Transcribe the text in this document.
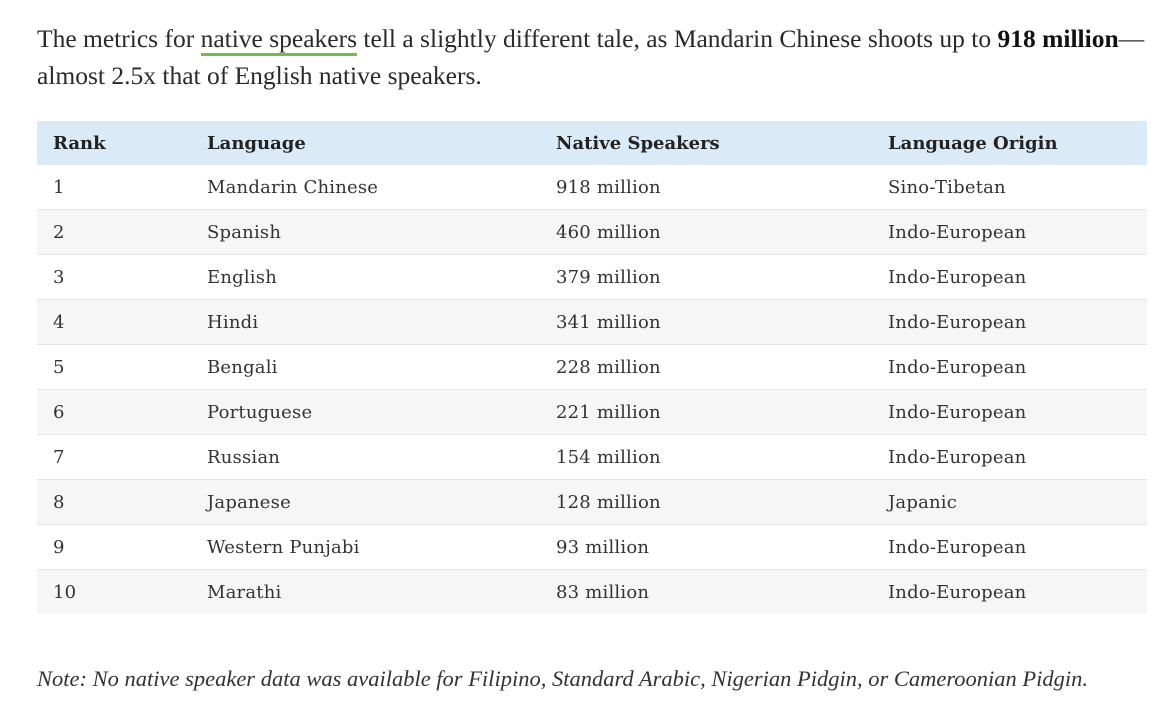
The metrics for native speakers tell a slightly different tale, as Mandarin Chinese shoots up to 918 million—almost 2.5x that of English native speakers.

Rank	Language	Native Speakers	Language Origin
1	Mandarin Chinese	918 million	Sino-Tibetan
2	Spanish	460 million	Indo-European
3	English	379 million	Indo-European
4	Hindi	341 million	Indo-European
5	Bengali	228 million	Indo-European
6	Portuguese	221 million	Indo-European
7	Russian	154 million	Indo-European
8	Japanese	128 million	Japanic
9	Western Punjabi	93 million	Indo-European
10	Marathi	83 million	Indo-European
Note: No native speaker data was available for Filipino, Standard Arabic, Nigerian Pidgin, or Cameroonian Pidgin.
